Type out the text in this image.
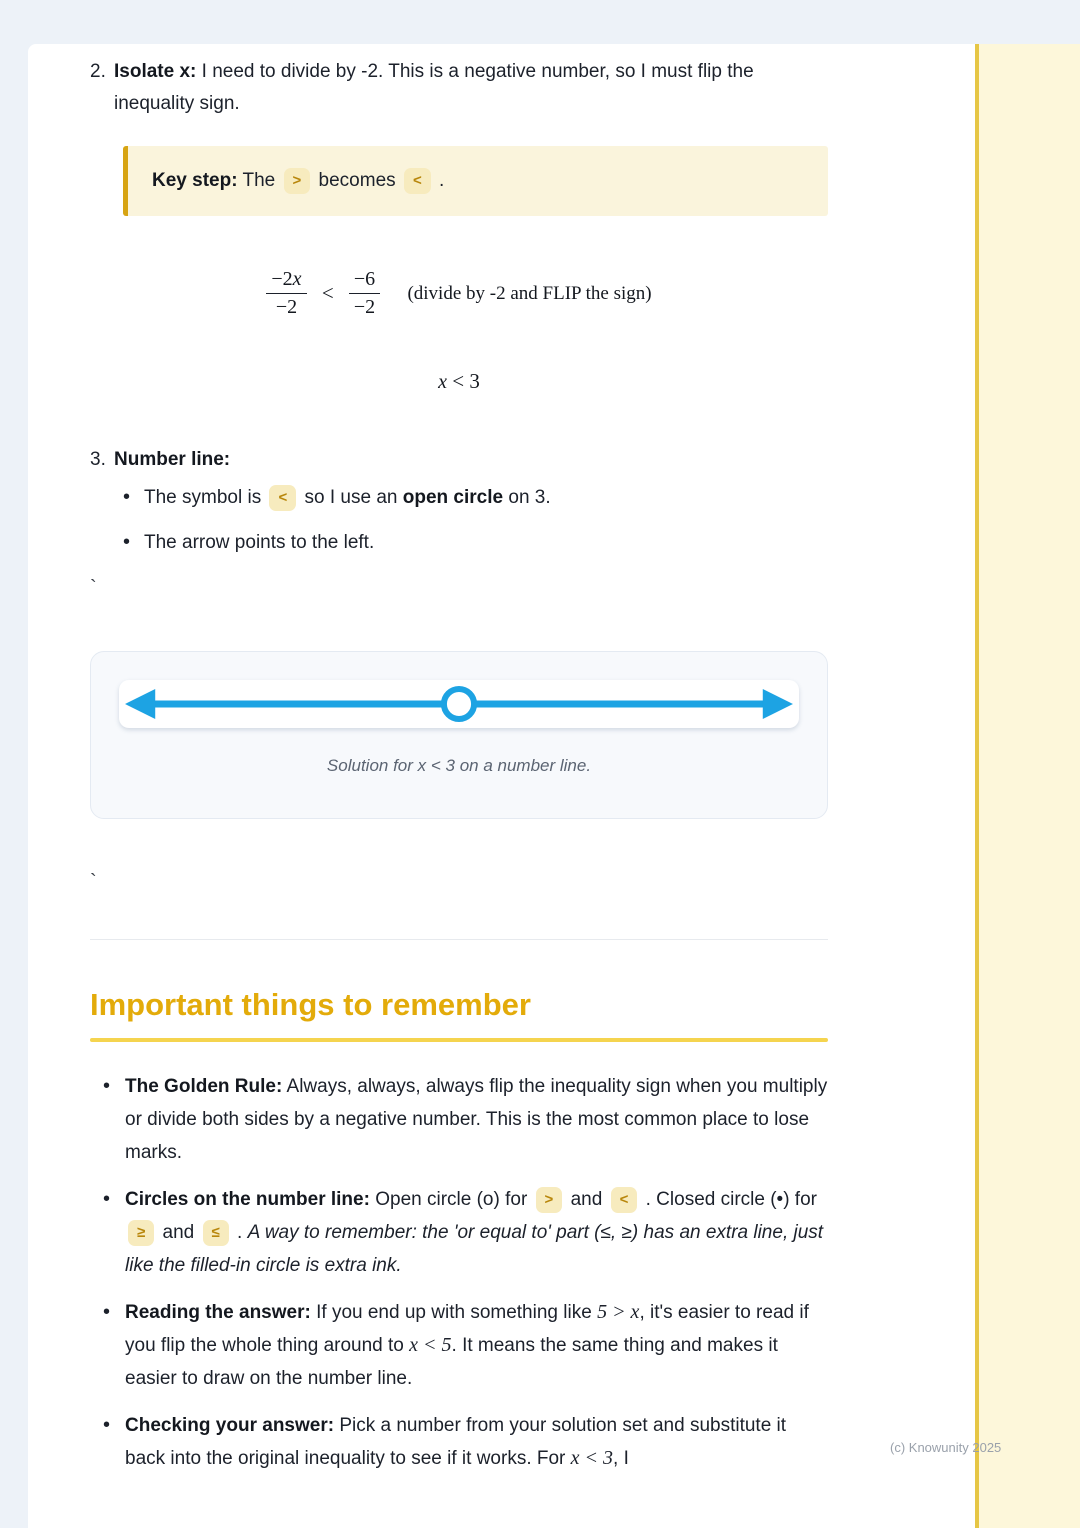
2. Isolate x: I need to divide by -2. This is a negative number, so I must flip the inequality sign.
Key step: The > becomes < .
$\frac{-2x}{-2} < \frac{-6}{-2}$ (divide by -2 and FLIP the sign)
x < 3
3. Number line:
• The symbol is < so I use an open circle on 3.
• The arrow points to the left.
`
Solution for x < 3 on a number line.
`
Important things to remember
• The Golden Rule: Always, always, always flip the inequality sign when you multiply or divide both sides by a negative number. This is the most common place to lose marks.
• Circles on the number line: Open circle (o) for > and < . Closed circle (•) for ≥ and ≤ . A way to remember: the 'or equal to' part (≤, ≥) has an extra line, just like the filled-in circle is extra ink.
• Reading the answer: If you end up with something like 5 > x, it's easier to read if you flip the whole thing around to x < 5. It means the same thing and makes it easier to draw on the number line.
• Checking your answer: Pick a number from your solution set and substitute it back into the original inequality to see if it works. For x < 3, I
(c) Knowunity 2025
